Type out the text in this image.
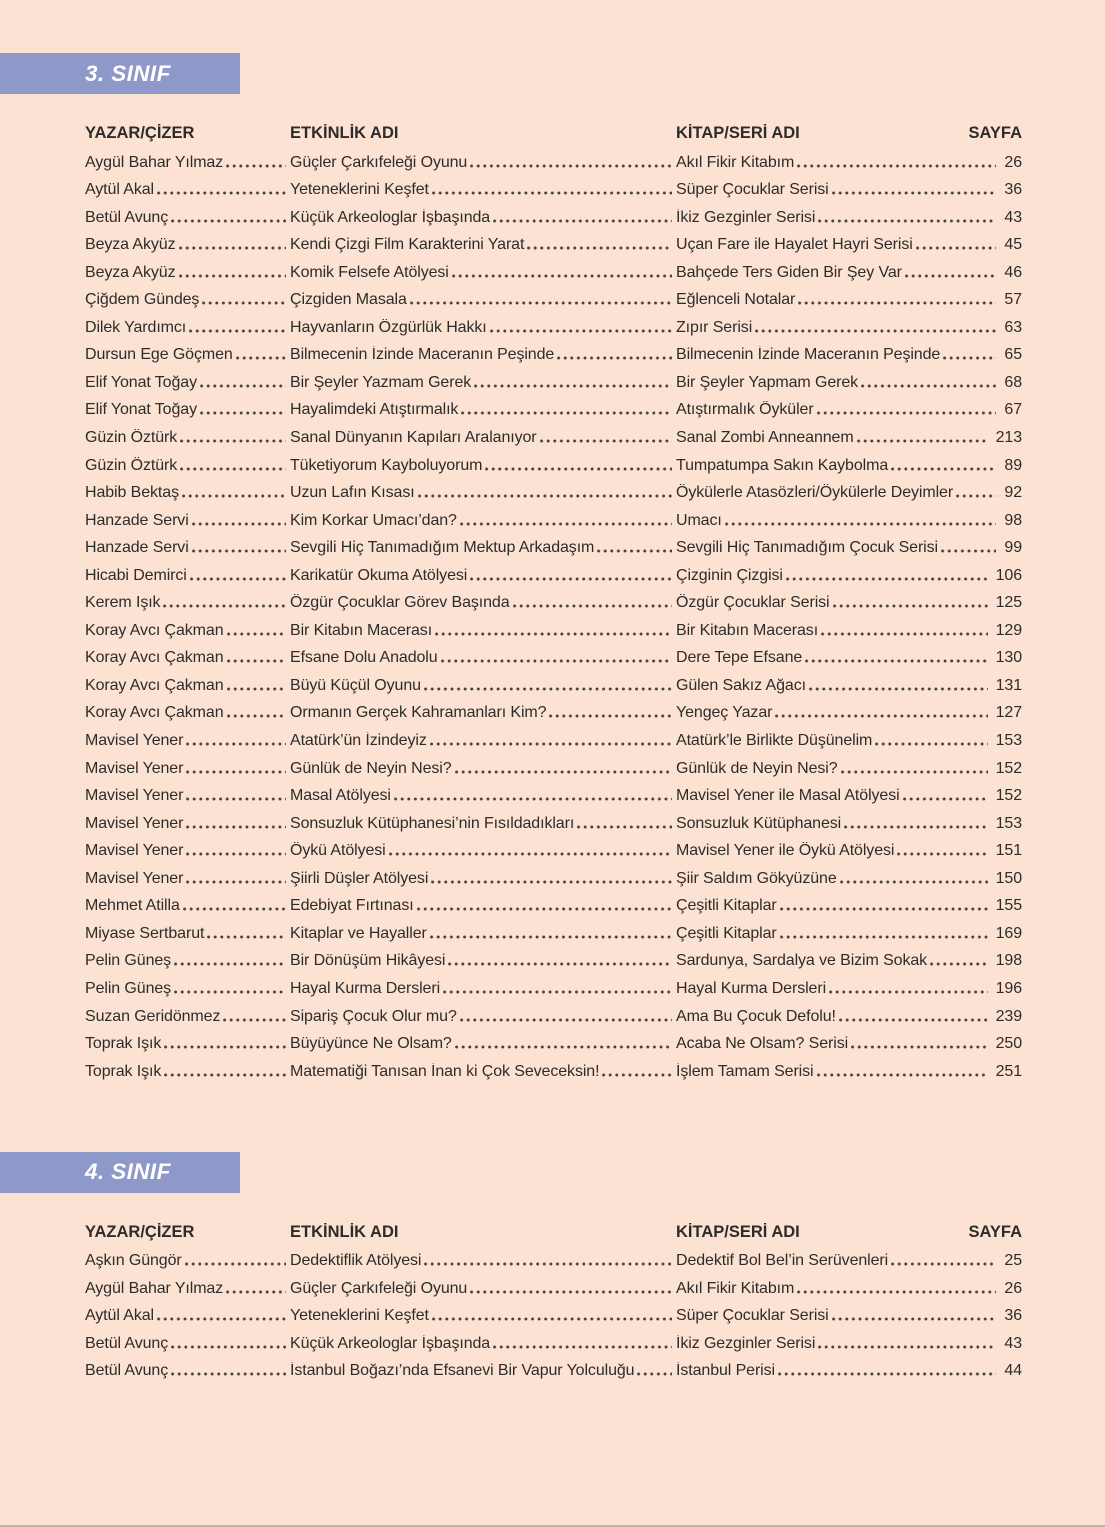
3. SINIF
YAZAR/ÇİZER	ETKİNLİK ADI	KİTAP/SERİ ADI	SAYFA
Aygül Bahar Yılmaz	Güçler Çarkıfeleği Oyunu	Akıl Fikir Kitabım	26
Aytül Akal	Yeteneklerini Keşfet	Süper Çocuklar Serisi	36
Betül Avunç	Küçük Arkeologlar İşbaşında	İkiz Gezginler Serisi	43
Beyza Akyüz	Kendi Çizgi Film Karakterini Yarat	Uçan Fare ile Hayalet Hayri Serisi	45
Beyza Akyüz	Komik Felsefe Atölyesi	Bahçede Ters Giden Bir Şey Var	46
Çiğdem Gündeş	Çizgiden Masala	Eğlenceli Notalar	57
Dilek Yardımcı	Hayvanların Özgürlük Hakkı	Zıpır Serisi	63
Dursun Ege Göçmen	Bilmecenin İzinde Maceranın Peşinde	Bilmecenin İzinde Maceranın Peşinde	65
Elif Yonat Toğay	Bir Şeyler Yazmam Gerek	Bir Şeyler Yapmam Gerek	68
Elif Yonat Toğay	Hayalimdeki Atıştırmalık	Atıştırmalık Öyküler	67
Güzin Öztürk	Sanal Dünyanın Kapıları Aralanıyor	Sanal Zombi Anneannem	213
Güzin Öztürk	Tüketiyorum Kayboluyorum	Tumpatumpa Sakın Kaybolma	89
Habib Bektaş	Uzun Lafın Kısası	Öykülerle Atasözleri/Öykülerle Deyimler	92
Hanzade Servi	Kim Korkar Umacı’dan?	Umacı	98
Hanzade Servi	Sevgili Hiç Tanımadığım Mektup Arkadaşım	Sevgili Hiç Tanımadığım Çocuk Serisi	99
Hicabi Demirci	Karikatür Okuma Atölyesi	Çizginin Çizgisi	106
Kerem Işık	Özgür Çocuklar Görev Başında	Özgür Çocuklar Serisi	125
Koray Avcı Çakman	Bir Kitabın Macerası	Bir Kitabın Macerası	129
Koray Avcı Çakman	Efsane Dolu Anadolu	Dere Tepe Efsane	130
Koray Avcı Çakman	Büyü Küçül Oyunu	Gülen Sakız Ağacı	131
Koray Avcı Çakman	Ormanın Gerçek Kahramanları Kim?	Yengeç Yazar	127
Mavisel Yener	Atatürk’ün İzindeyiz	Atatürk’le Birlikte Düşünelim	153
Mavisel Yener	Günlük de Neyin Nesi?	Günlük de Neyin Nesi?	152
Mavisel Yener	Masal Atölyesi	Mavisel Yener ile Masal Atölyesi	152
Mavisel Yener	Sonsuzluk Kütüphanesi’nin Fısıldadıkları	Sonsuzluk Kütüphanesi	153
Mavisel Yener	Öykü Atölyesi	Mavisel Yener ile Öykü Atölyesi	151
Mavisel Yener	Şiirli Düşler Atölyesi	Şiir Saldım Gökyüzüne	150
Mehmet Atilla	Edebiyat Fırtınası	Çeşitli Kitaplar	155
Miyase Sertbarut	Kitaplar ve Hayaller	Çeşitli Kitaplar	169
Pelin Güneş	Bir Dönüşüm Hikâyesi	Sardunya, Sardalya ve Bizim Sokak	198
Pelin Güneş	Hayal Kurma Dersleri	Hayal Kurma Dersleri	196
Suzan Geridönmez	Sipariş Çocuk Olur mu?	Ama Bu Çocuk Defolu!	239
Toprak Işık	Büyüyünce Ne Olsam?	Acaba Ne Olsam? Serisi	250
Toprak Işık	Matematiği Tanısan İnan ki Çok Seveceksin!	İşlem Tamam Serisi	251
4. SINIF
YAZAR/ÇİZER	ETKİNLİK ADI	KİTAP/SERİ ADI	SAYFA
Aşkın Güngör	Dedektiflik Atölyesi	Dedektif Bol Bel’in Serüvenleri	25
Aygül Bahar Yılmaz	Güçler Çarkıfeleği Oyunu	Akıl Fikir Kitabım	26
Aytül Akal	Yeteneklerini Keşfet	Süper Çocuklar Serisi	36
Betül Avunç	Küçük Arkeologlar İşbaşında	İkiz Gezginler Serisi	43
Betül Avunç	İstanbul Boğazı’nda Efsanevi Bir Vapur Yolculuğu	İstanbul Perisi	44
